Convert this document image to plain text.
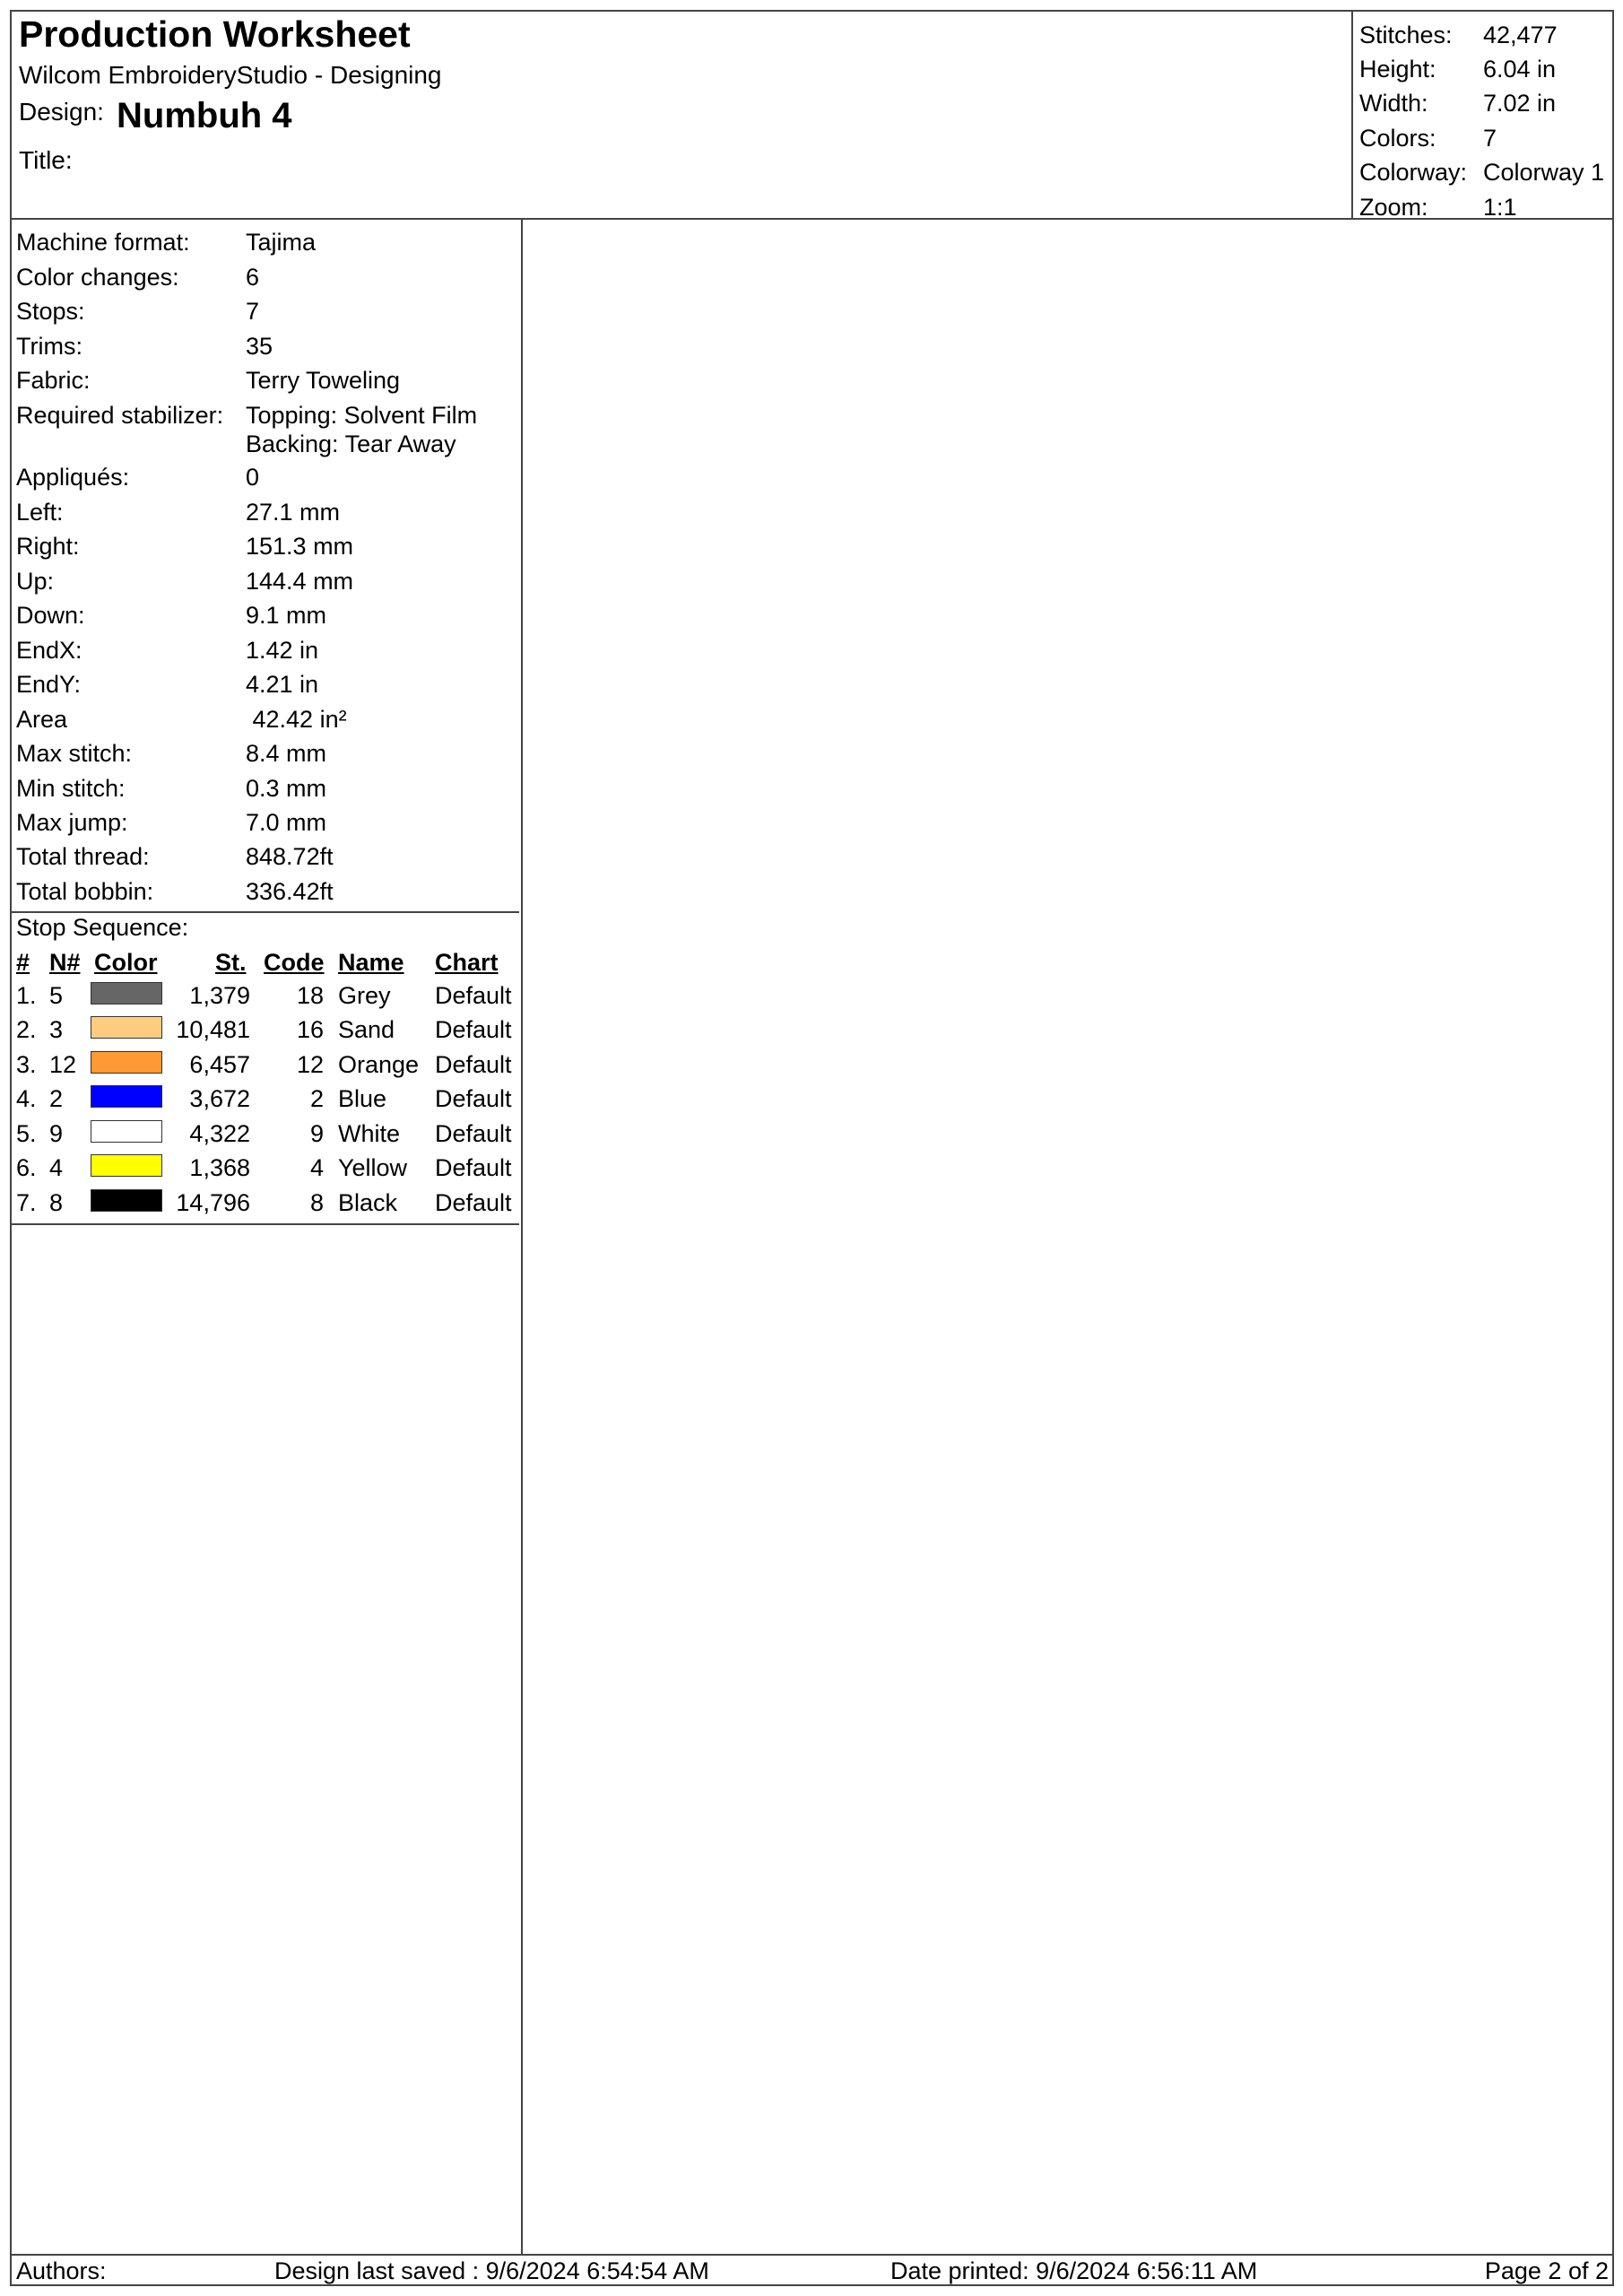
Production Worksheet
Wilcom EmbroideryStudio - Designing
Design: Numbuh 4
Title:
Stitches: 42,477
Height: 6.04 in
Width: 7.02 in
Colors: 7
Colorway: Colorway 1
Zoom: 1:1
Machine format: Tajima
Color changes:	6
Stops:	7
Trims:	35
Fabric:	Terry Toweling
Required stabilizer: Topping: Solvent Film
Backing: Tear Away
Appliqués:	0
Left:	27.1 mm
Right:	151.3 mm
Up:	144.4 mm
Down:	9.1 mm
EndX:	1.42 in
EndY:	4.21 in
Area	42.42 in²
Max stitch:	8.4 mm
Min stitch:	0.3 mm
Max jump:	7.0 mm
Total thread:	848.72ft
Total bobbin:	336.42ft
Stop Sequence:
# N# Color St. Code Name Chart
1. 5	1,379	18 Grey Default
2. 3	10,481	16 Sand Default
3. 12	6,457	12 Orange Default
4. 2	3,672	2 Blue Default
5. 9	4,322	9 White Default
6. 4	1,368	4 Yellow Default
7. 8	14,796	8 Black Default
Authors:	Design last saved : 9/6/2024 6:54:54 AM	Date printed: 9/6/2024 6:56:11 AM	Page 2 of 2
